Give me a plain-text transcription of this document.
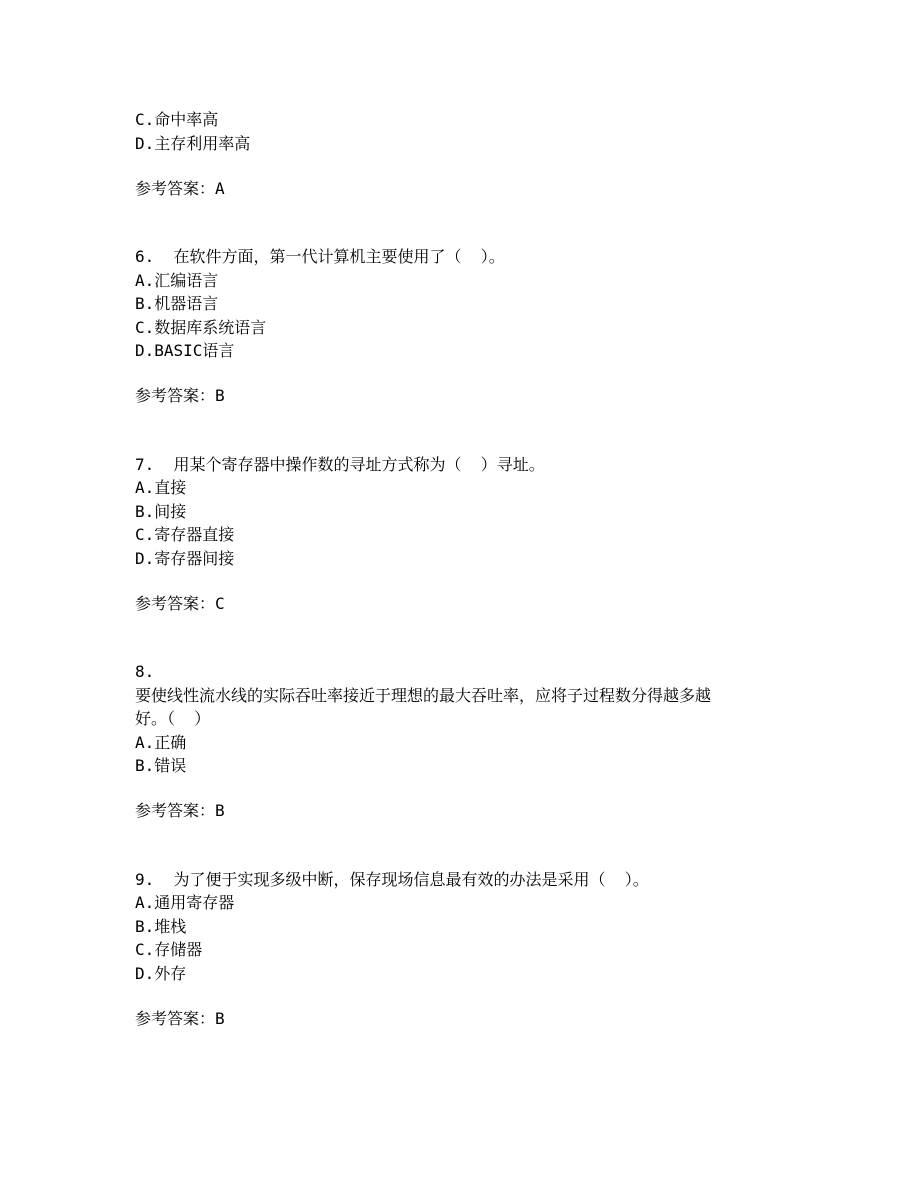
C.命中率高
D.主存利用率高
参考答案：A
6.  在软件方面，第一代计算机主要使用了（  ）。
A.汇编语言
B.机器语言
C.数据库系统语言
D.BASIC语言
参考答案：B
7.  用某个寄存器中操作数的寻址方式称为（  ）寻址。
A.直接
B.间接
C.寄存器直接
D.寄存器间接
参考答案：C
8.
要使线性流水线的实际吞吐率接近于理想的最大吞吐率，应将子过程数分得越多越
好。（  ）
A.正确
B.错误
参考答案：B
9.  为了便于实现多级中断，保存现场信息最有效的办法是采用（  ）。
A.通用寄存器
B.堆栈
C.存储器
D.外存
参考答案：B
